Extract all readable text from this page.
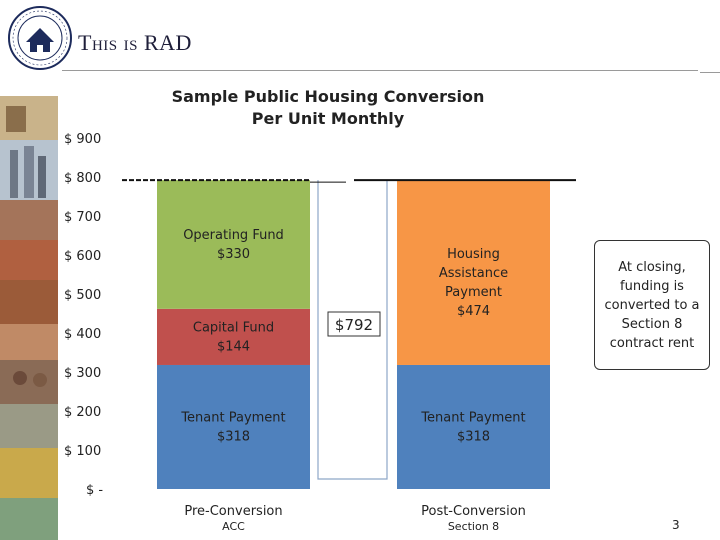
This is RAD
Sample Public Housing Conversion Per Unit Monthly
$ -
$ 100
$ 200
$ 300
$ 400
$ 500
$ 600
$ 700
$ 800
$ 900
Tenant Payment $318
Capital Fund $144
Operating Fund $330
Tenant Payment $318
Housing Assistance Payment $474
$792
Pre-Conversion
ACC
Post-Conversion
Section 8
At closing, funding is converted to a Section 8 contract rent
3
